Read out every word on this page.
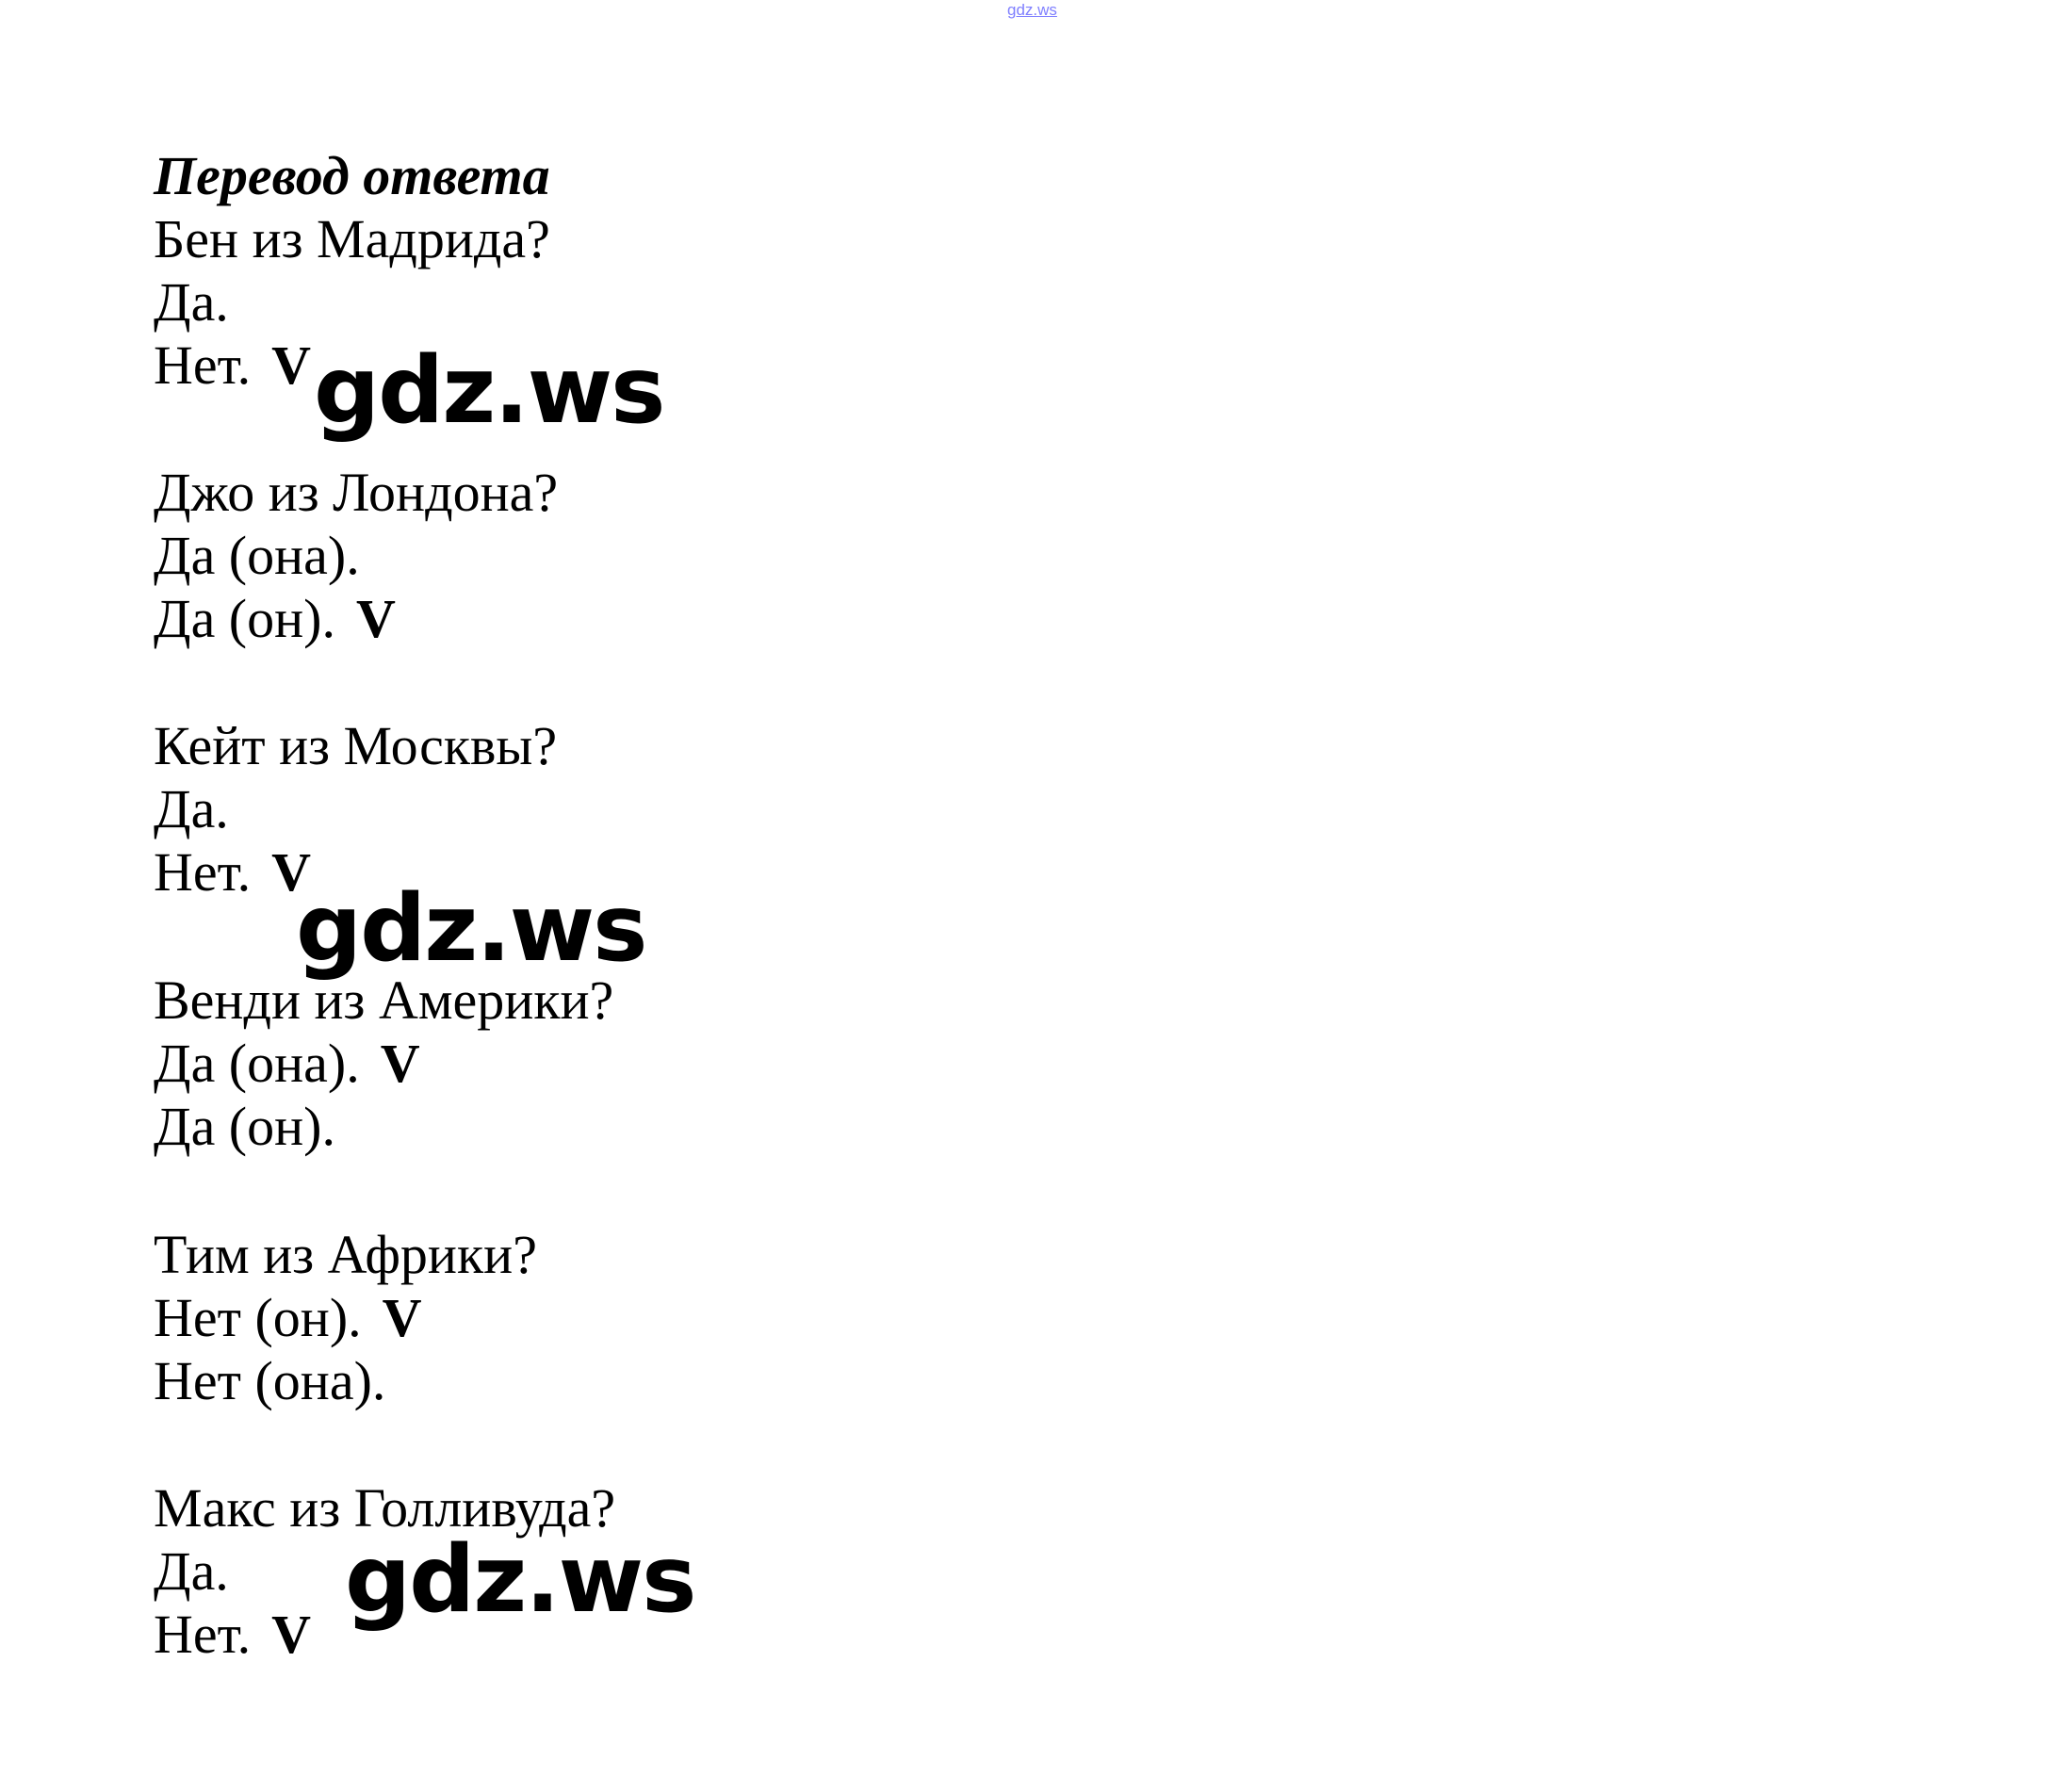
gdz.ws
Перевод ответа
Бен из Мадрида?
Да.
Нет. V
Джо из Лондона?
Да (она).
Да (он). V
Кейт из Москвы?
Да.
Нет. V
Венди из Америки?
Да (она). V
Да (он).
Тим из Африки?
Нет (он). V
Нет (она).
Макс из Голливуда?
Да.
Нет. V
gdz.ws
gdz.ws
gdz.ws
